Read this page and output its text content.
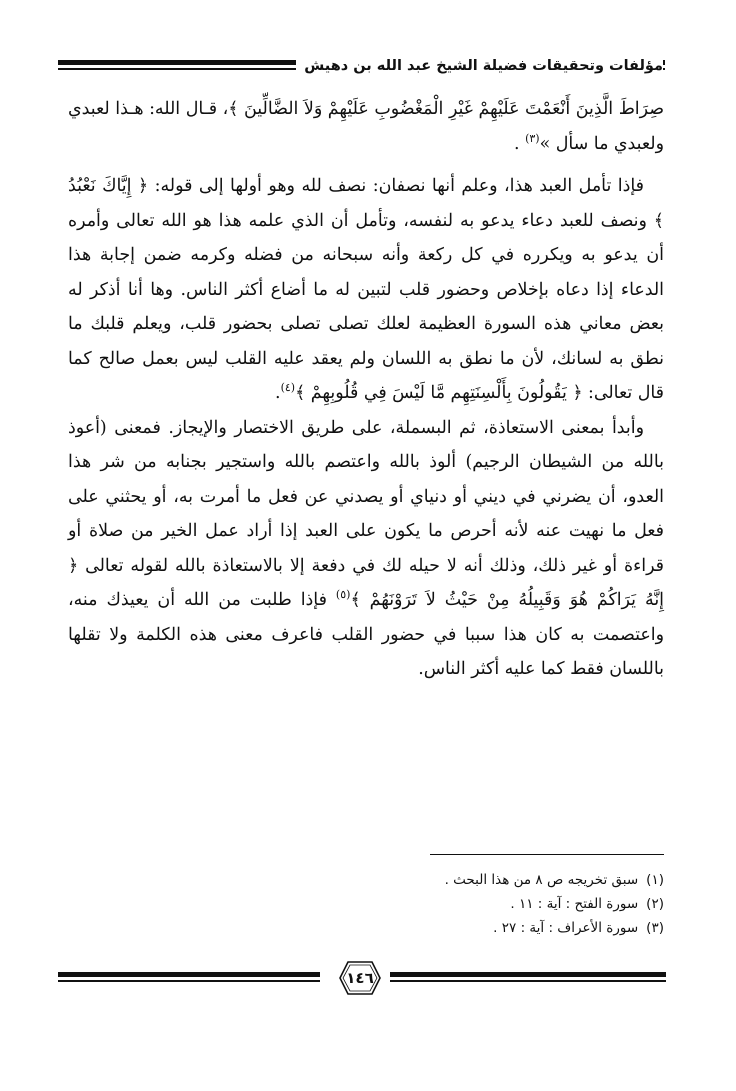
مؤلفات وتحقيقات فضيلة الشيخ عبد الله بن دهيش

صِرَاطَ الَّذِينَ أَنْعَمْتَ عَلَيْهِمْ غَيْرِ الْمَغْضُوبِ عَلَيْهِمْ وَلاَ الضَّالِّينَ ﴾، قـال الله: هـذا لعبدي ولعبدي ما سأل »$^{(٣)}$ .

فإذا تأمل العبد هذا، وعلم أنها نصفان: نصف لله وهو أولها إلى قوله: ﴿ إِيَّاكَ نَعْبُدُ ﴾ ونصف للعبد دعاء يدعو به لنفسه، وتأمل أن الذي علمه هذا هو الله تعالى وأمره أن يدعو به ويكرره في كل ركعة وأنه سبحانه من فضله وكرمه ضمن إجابة هذا الدعاء إذا دعاه بإخلاص وحضور قلب لتبين له ما أضاع أكثر الناس. وها أنا أذكر له بعض معاني هذه السورة العظيمة لعلك تصلى تصلى بحضور قلب، ويعلم قلبك ما نطق به لسانك، لأن ما نطق به اللسان ولم يعقد عليه القلب ليس بعمل صالح كما قال تعالى: ﴿ يَقُولُونَ بِأَلْسِنَتِهِم مَّا لَيْسَ فِي قُلُوبِهِمْ ﴾$^{(٤)}$.

وأبدأ بمعنى الاستعاذة، ثم البسملة، على طريق الاختصار والإيجاز. فمعنى (أعوذ بالله من الشيطان الرجيم) ألوذ بالله واعتصم بالله واستجير بجنابه من شر هذا العدو، أن يضرني في ديني أو دنياي أو يصدني عن فعل ما أمرت به، أو يحثني على فعل ما نهيت عنه لأنه أحرص ما يكون على العبد إذا أراد عمل الخير من صلاة أو قراءة أو غير ذلك، وذلك أنه لا حيله لك في دفعة إلا بالاستعاذة بالله لقوله تعالى ﴿ إِنَّهُ يَرَاكُمْ هُوَ وَقَبِيلُهُ مِنْ حَيْثُ لاَ تَرَوْنَهُمْ ﴾$^{(٥)}$ فإذا طلبت من الله أن يعيذك منه، واعتصمت به كان هذا سببا في حضور القلب فاعرف معنى هذه الكلمة ولا تقلها باللسان فقط كما عليه أكثر الناس.

(١)
سبق تخريجه ص ٨ من هذا البحث .
(٢)
سورة الفتح : آية : ١١ .
(٣)
سورة الأعراف : آية : ٢٧ .
١٤٦
